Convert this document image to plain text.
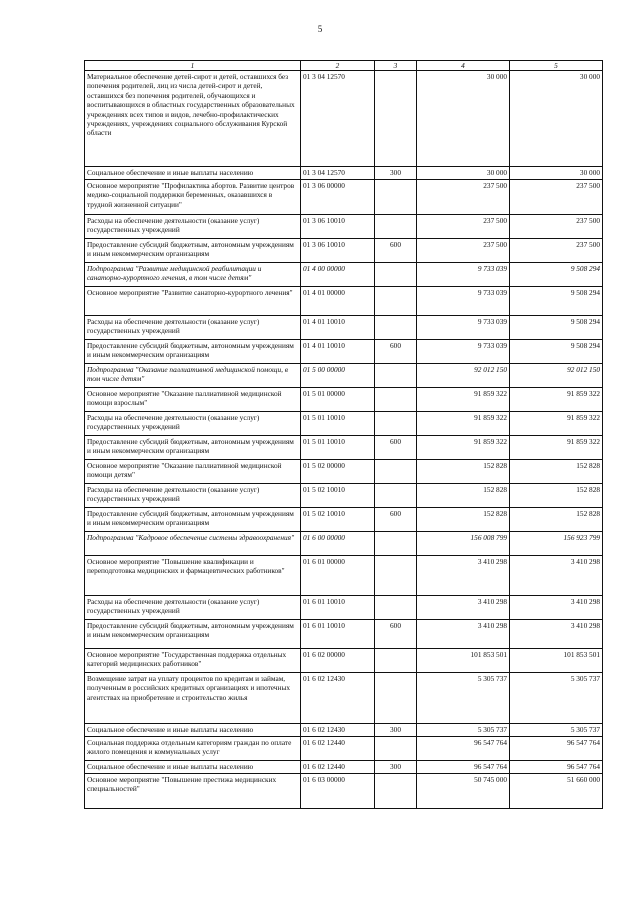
5
1	2	3	4	5
Материальное обеспечение детей-сирот и детей, оставшихся без попечения родителей, лиц из числа детей-сирот и детей, оставшихся без попечения родителей, обучающихся и воспитывающихся в областных государственных образовательных учреждениях всех типов и видов, лечебно-профилактических учреждениях, учреждениях социального обслуживания Курской области	01 3 04 12570		30 000	30 000
Социальное обеспечение и иные выплаты населению	01 3 04 12570	300	30 000	30 000
Основное мероприятие "Профилактика абортов. Развитие центров медико-социальной поддержки беременных, оказавшихся в трудной жизненной ситуации"	01 3 06 00000		237 500	237 500
Расходы на обеспечение деятельности (оказание услуг) государственных учреждений	01 3 06 10010		237 500	237 500
Предоставление субсидий бюджетным, автономным учреждениям и иным некоммерческим организациям	01 3 06 10010	600	237 500	237 500
Подпрограмма "Развитие медицинской реабилитации и санаторно-курортного лечения, в том числе детям"	01 4 00 00000		9 733 039	9 508 294
Основное мероприятие "Развитие санаторно-курортного лечения"	01 4 01 00000		9 733 039	9 508 294
Расходы на обеспечение деятельности (оказание услуг) государственных учреждений	01 4 01 10010		9 733 039	9 508 294
Предоставление субсидий бюджетным, автономным учреждениям и иным некоммерческим организациям	01 4 01 10010	600	9 733 039	9 508 294
Подпрограмма "Оказание паллиативной медицинской помощи, в том числе детям"	01 5 00 00000		92 012 150	92 012 150
Основное мероприятие "Оказание паллиативной медицинской помощи взрослым"	01 5 01 00000		91 859 322	91 859 322
Расходы на обеспечение деятельности (оказание услуг) государственных учреждений	01 5 01 10010		91 859 322	91 859 322
Предоставление субсидий бюджетным, автономным учреждениям и иным некоммерческим организациям	01 5 01 10010	600	91 859 322	91 859 322
Основное мероприятие "Оказание паллиативной медицинской помощи детям"	01 5 02 00000		152 828	152 828
Расходы на обеспечение деятельности (оказание услуг) государственных учреждений	01 5 02 10010		152 828	152 828
Предоставление субсидий бюджетным, автономным учреждениям и иным некоммерческим организациям	01 5 02 10010	600	152 828	152 828
Подпрограмма "Кадровое обеспечение системы здравоохранения"	01 6 00 00000		156 008 799	156 923 799
Основное мероприятие "Повышение квалификации и переподготовка медицинских и фармацевтических работников"	01 6 01 00000		3 410 298	3 410 298
Расходы на обеспечение деятельности (оказание услуг) государственных учреждений	01 6 01 10010		3 410 298	3 410 298
Предоставление субсидий бюджетным, автономным учреждениям и иным некоммерческим организациям	01 6 01 10010	600	3 410 298	3 410 298
Основное мероприятие "Государственная поддержка отдельных категорий медицинских работников"	01 6 02 00000		101 853 501	101 853 501
Возмещение затрат на уплату процентов по кредитам и займам, полученным в российских кредитных организациях и ипотечных агентствах на приобретение и строительство жилья	01 6 02 12430		5 305 737	5 305 737
Социальное обеспечение и иные выплаты населению	01 6 02 12430	300	5 305 737	5 305 737
Социальная поддержка отдельным категориям граждан по оплате жилого помещения и коммунальных услуг	01 6 02 12440		96 547 764	96 547 764
Социальное обеспечение и иные выплаты населению	01 6 02 12440	300	96 547 764	96 547 764
Основное мероприятие "Повышение престижа медицинских специальностей"	01 6 03 00000		50 745 000	51 660 000
